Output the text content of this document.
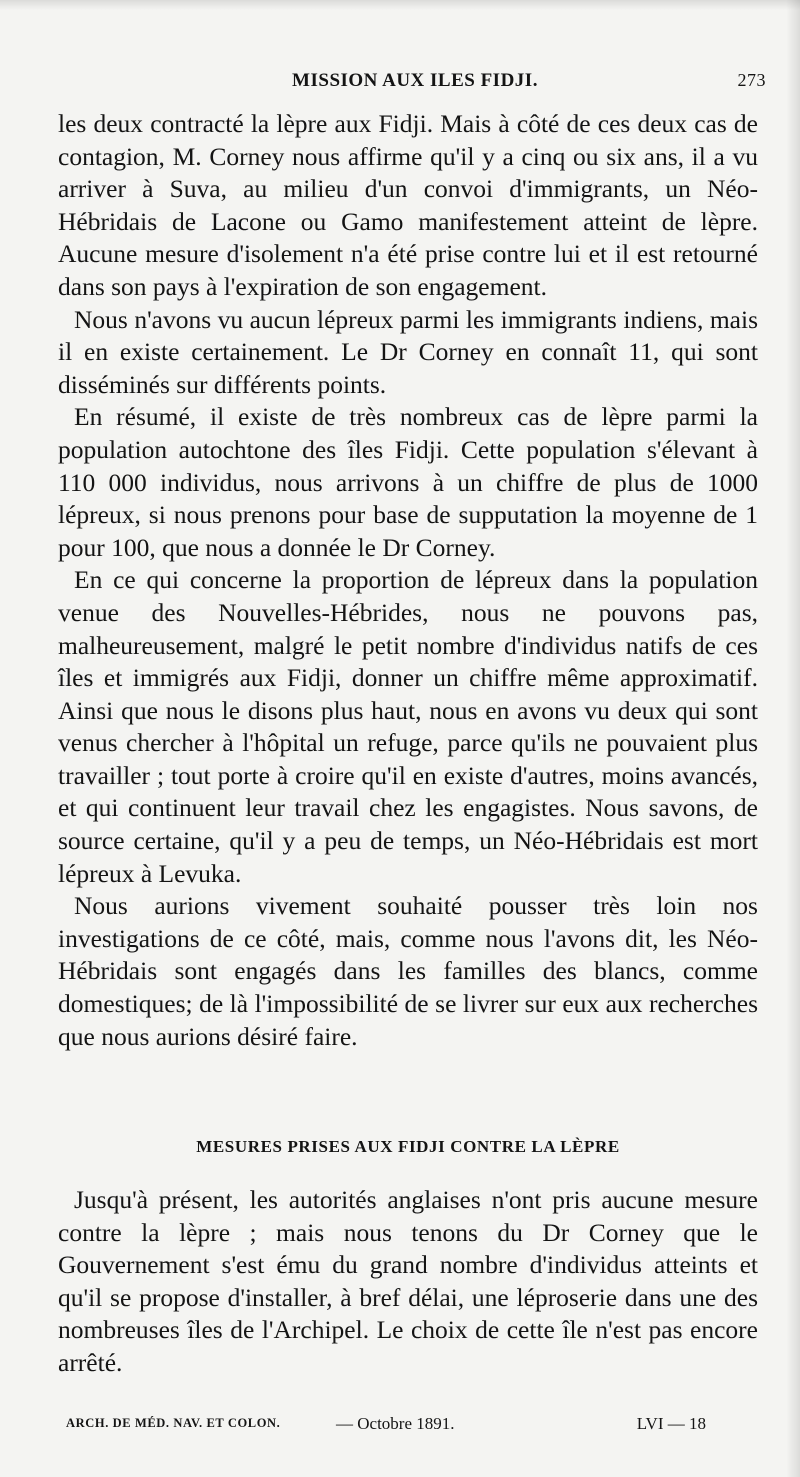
MISSION AUX ILES FIDJI.	273

les deux contracté la lèpre aux Fidji. Mais à côté de ces deux cas de contagion, M. Corney nous affirme qu'il y a cinq ou six ans, il a vu arriver à Suva, au milieu d'un convoi d'immigrants, un Néo-Hébridais de Lacone ou Gamo manifestement atteint de lèpre. Aucune mesure d'isolement n'a été prise contre lui et il est retourné dans son pays à l'expiration de son engagement.

Nous n'avons vu aucun lépreux parmi les immigrants indiens, mais il en existe certainement. Le Dr Corney en connaît 11, qui sont disséminés sur différents points.

En résumé, il existe de très nombreux cas de lèpre parmi la population autochtone des îles Fidji. Cette population s'élevant à 110 000 individus, nous arrivons à un chiffre de plus de 1000 lépreux, si nous prenons pour base de supputation la moyenne de 1 pour 100, que nous a donnée le Dr Corney.

En ce qui concerne la proportion de lépreux dans la population venue des Nouvelles-Hébrides, nous ne pouvons pas, malheureusement, malgré le petit nombre d'individus natifs de ces îles et immigrés aux Fidji, donner un chiffre même approximatif. Ainsi que nous le disons plus haut, nous en avons vu deux qui sont venus chercher à l'hôpital un refuge, parce qu'ils ne pouvaient plus travailler ; tout porte à croire qu'il en existe d'autres, moins avancés, et qui continuent leur travail chez les engagistes. Nous savons, de source certaine, qu'il y a peu de temps, un Néo-Hébridais est mort lépreux à Levuka.

Nous aurions vivement souhaité pousser très loin nos investigations de ce côté, mais, comme nous l'avons dit, les Néo-Hébridais sont engagés dans les familles des blancs, comme domestiques; de là l'impossibilité de se livrer sur eux aux recherches que nous aurions désiré faire.

MESURES PRISES AUX FIDJI CONTRE LA LÈPRE

Jusqu'à présent, les autorités anglaises n'ont pris aucune mesure contre la lèpre ; mais nous tenons du Dr Corney que le Gouvernement s'est ému du grand nombre d'individus atteints et qu'il se propose d'installer, à bref délai, une léproserie dans une des nombreuses îles de l'Archipel. Le choix de cette île n'est pas encore arrêté.

ARCH. DE MÉD. NAV. ET COLON.	— Octobre 1891.	LVI — 18
